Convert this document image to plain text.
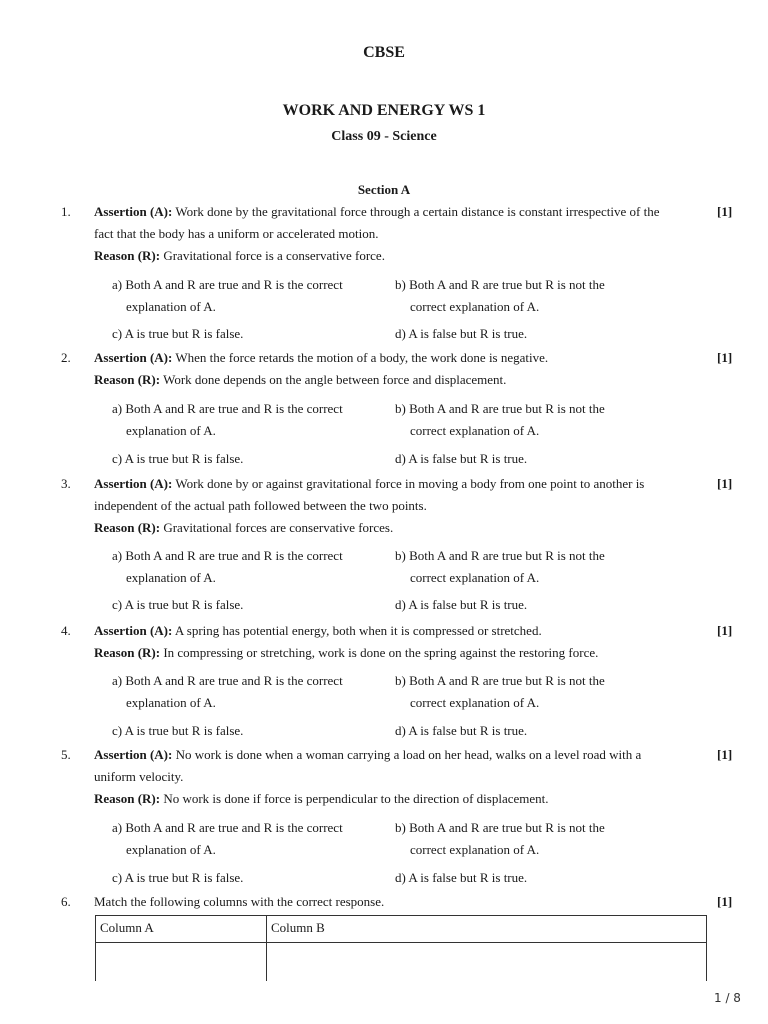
CBSE
WORK AND ENERGY WS 1
Class 09 - Science
Section A
1.	[1]
Assertion (A): Work done by the gravitational force through a certain distance is constant irrespective of the
fact that the body has a uniform or accelerated motion.
Reason (R): Gravitational force is a conservative force.
a) Both A and R are true and R is the correct
explanation of A.
b) Both A and R are true but R is not the
correct explanation of A.
c) A is true but R is false.	d) A is false but R is true.
2.	[1]
Assertion (A): When the force retards the motion of a body, the work done is negative.
Reason (R): Work done depends on the angle between force and displacement.
a) Both A and R are true and R is the correct
explanation of A.
b) Both A and R are true but R is not the
correct explanation of A.
c) A is true but R is false.	d) A is false but R is true.
3.	[1]
Assertion (A): Work done by or against gravitational force in moving a body from one point to another is
independent of the actual path followed between the two points.
Reason (R): Gravitational forces are conservative forces.
a) Both A and R are true and R is the correct
explanation of A.
b) Both A and R are true but R is not the
correct explanation of A.
c) A is true but R is false.	d) A is false but R is true.
4.	[1]
Assertion (A): A spring has potential energy, both when it is compressed or stretched.
Reason (R): In compressing or stretching, work is done on the spring against the restoring force.
a) Both A and R are true and R is the correct
explanation of A.
b) Both A and R are true but R is not the
correct explanation of A.
c) A is true but R is false.	d) A is false but R is true.
5.	[1]
Assertion (A): No work is done when a woman carrying a load on her head, walks on a level road with a
uniform velocity.
Reason (R): No work is done if force is perpendicular to the direction of displacement.
a) Both A and R are true and R is the correct
explanation of A.
b) Both A and R are true but R is not the
correct explanation of A.
c) A is true but R is false.	d) A is false but R is true.
6.	[1]
Match the following columns with the correct response.
Column A	Column B

1 / 8
